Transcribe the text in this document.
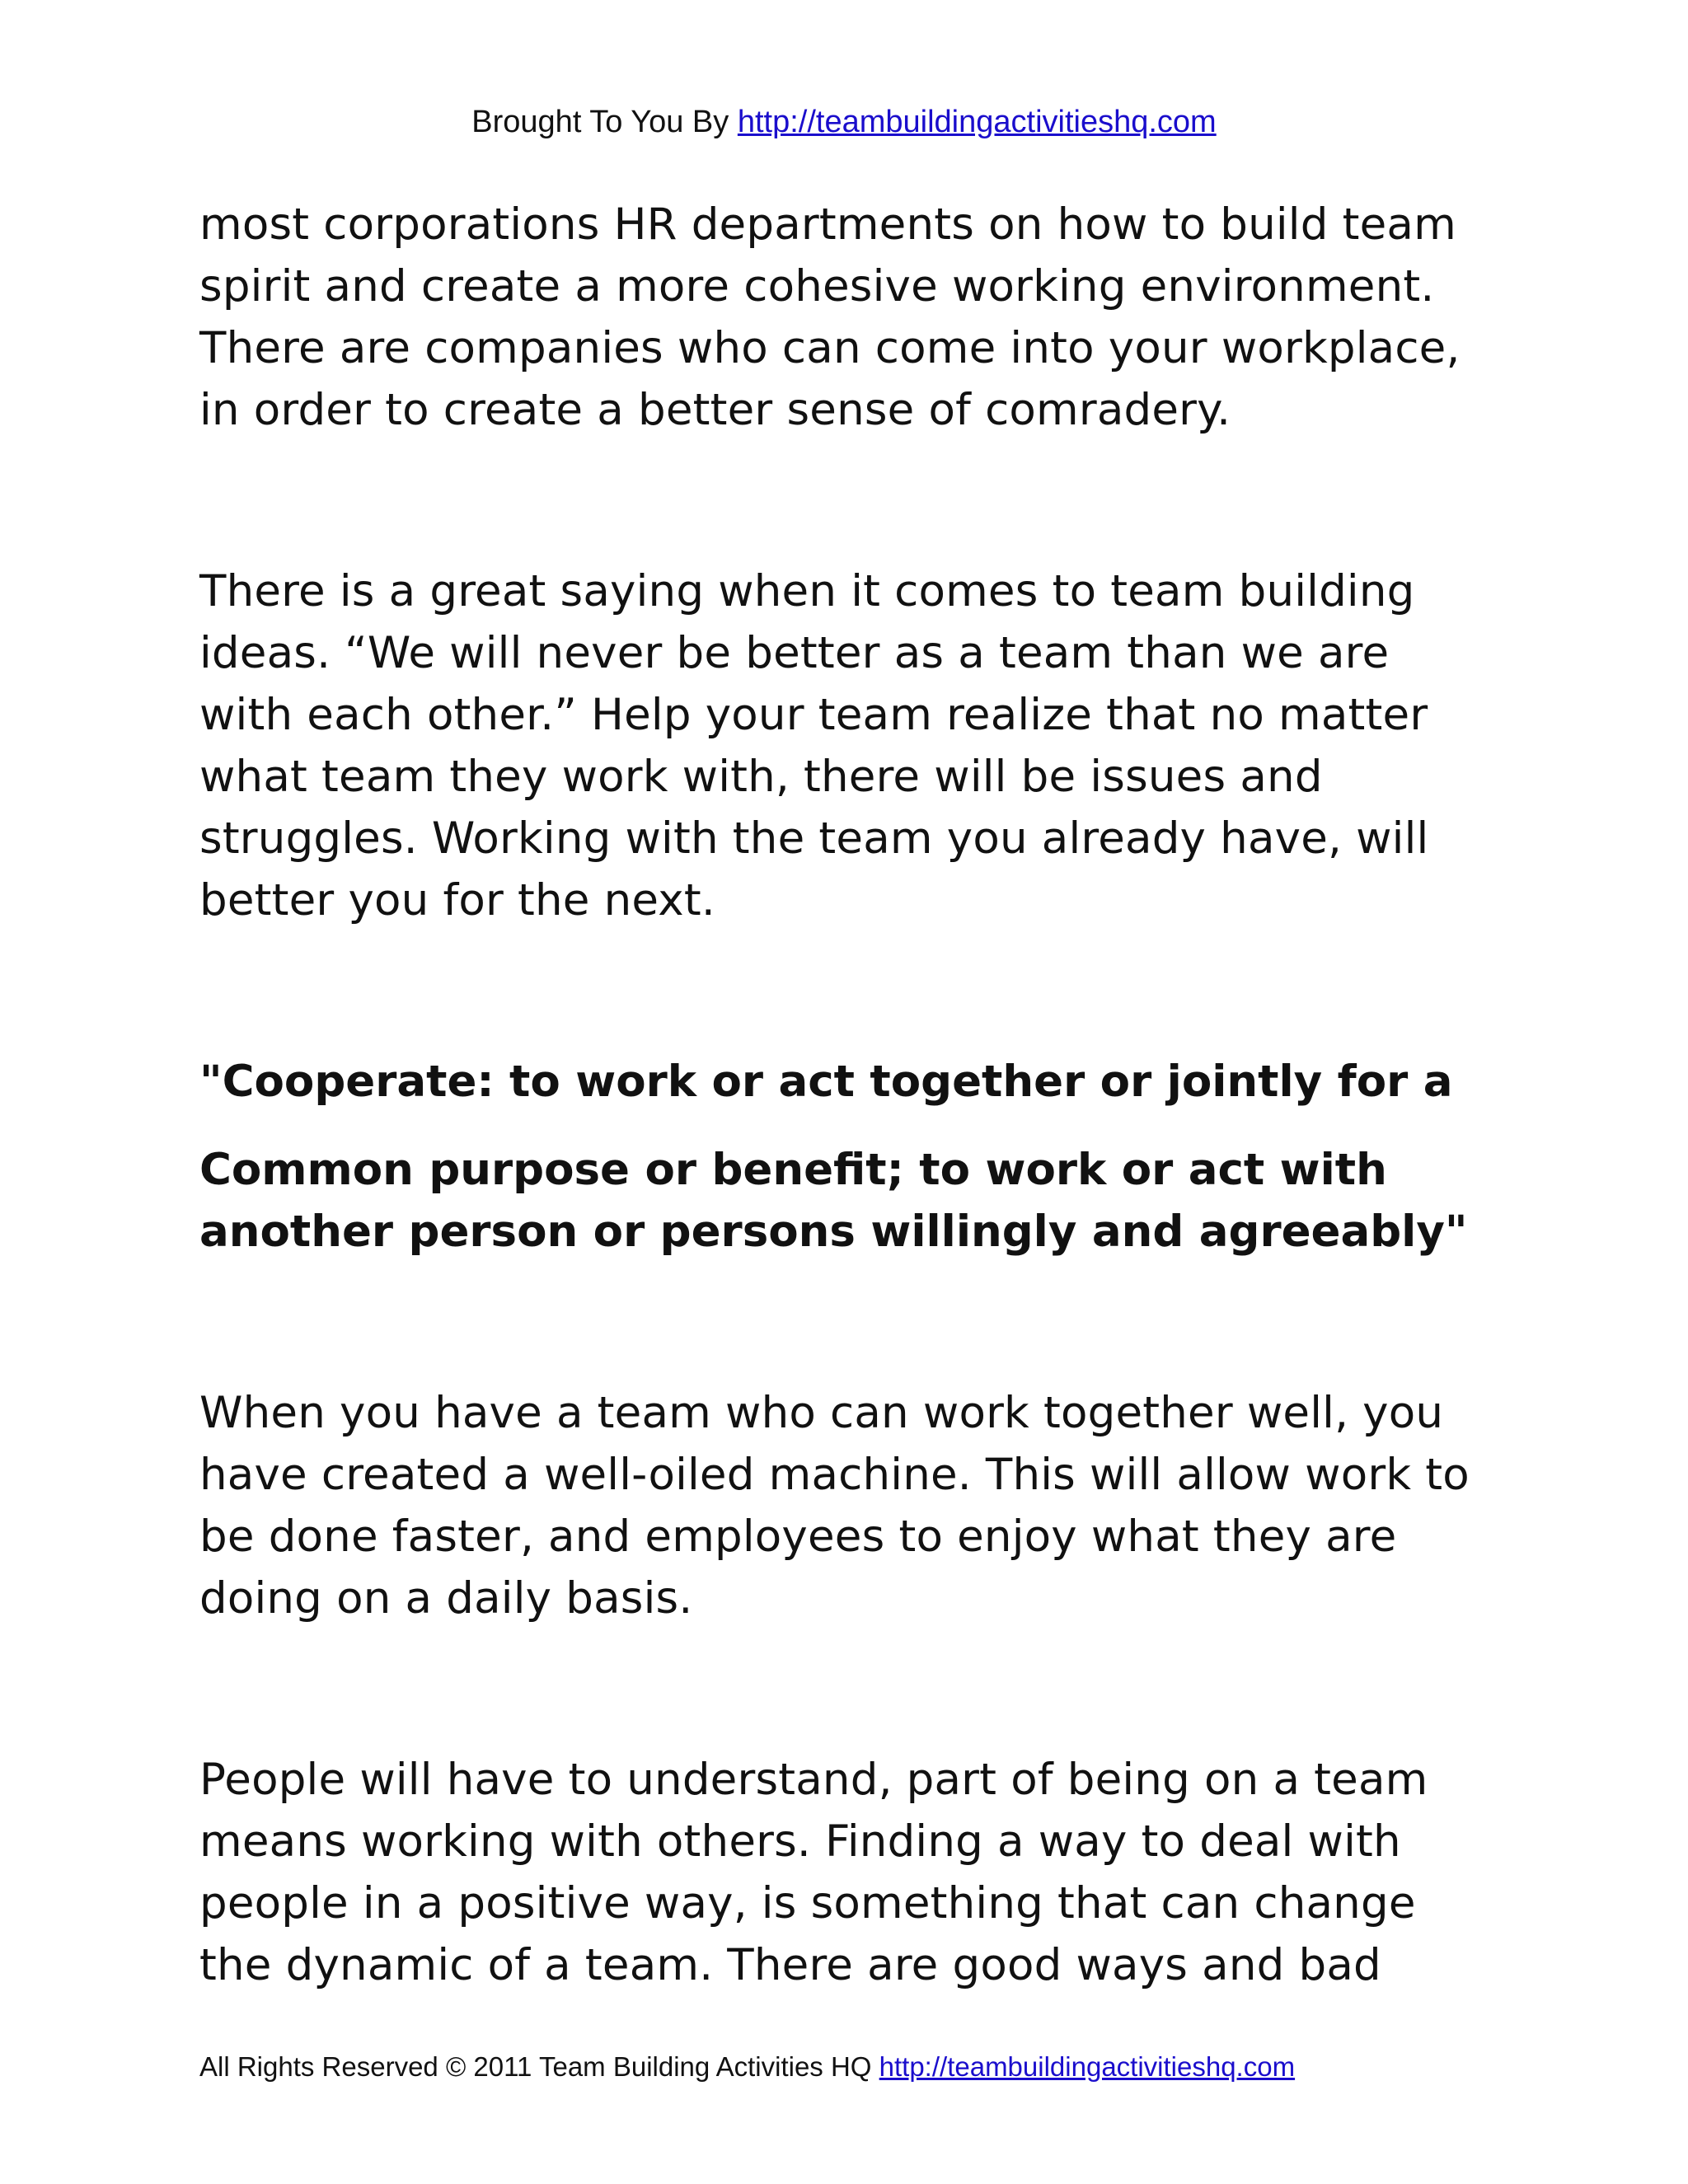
Brought To You By http://teambuildingactivitieshq.com
most corporations HR departments on how to build team
spirit and create a more cohesive working environment.
There are companies who can come into your workplace,
in order to create a better sense of comradery.
There is a great saying when it comes to team building
ideas. “We will never be better as a team than we are
with each other.” Help your team realize that no matter
what team they work with, there will be issues and
struggles. Working with the team you already have, will
better you for the next.
"Cooperate: to work or act together or jointly for a
Common purpose or benefit; to work or act with
another person or persons willingly and agreeably"
When you have a team who can work together well, you
have created a well-oiled machine. This will allow work to
be done faster, and employees to enjoy what they are
doing on a daily basis.
People will have to understand, part of being on a team
means working with others. Finding a way to deal with
people in a positive way, is something that can change
the dynamic of a team. There are good ways and bad
All Rights Reserved © 2011 Team Building Activities HQ http://teambuildingactivitieshq.com
